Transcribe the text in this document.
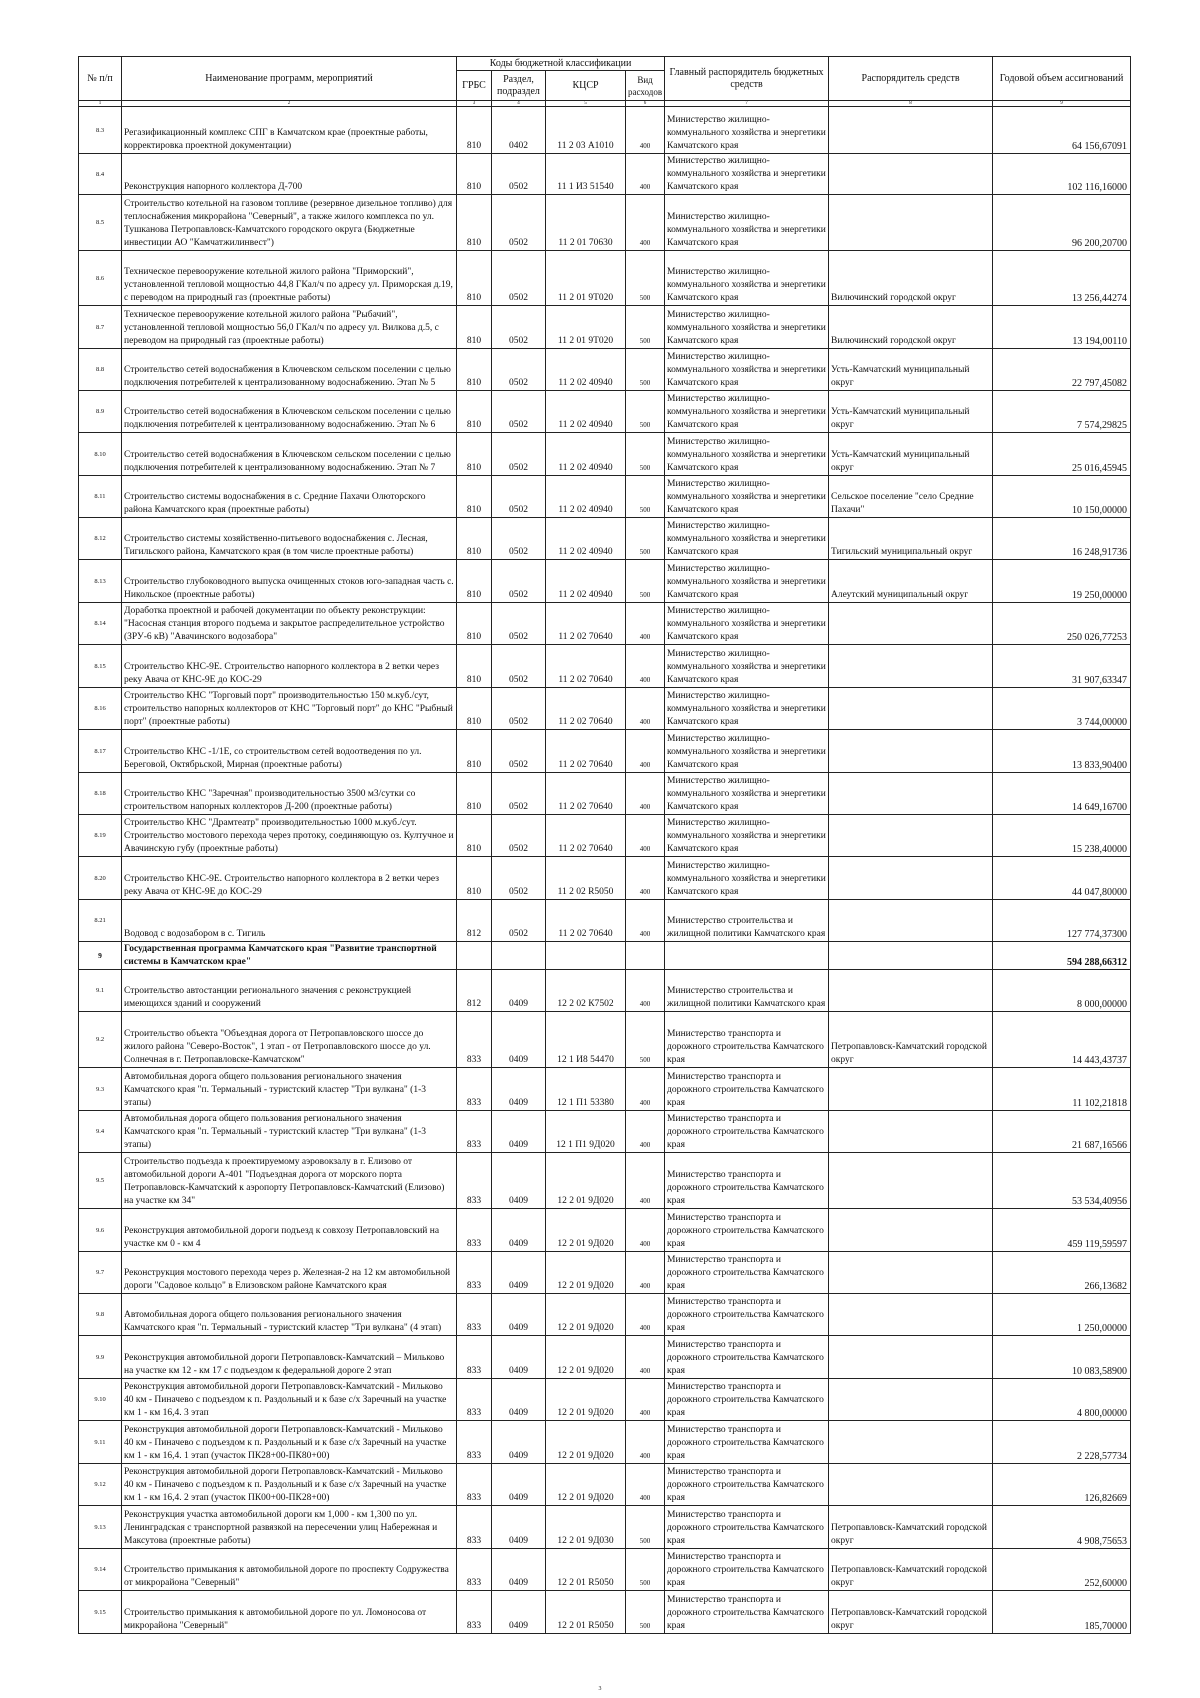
№ п/п	Наименование программ, мероприятий	Коды бюджетной классификации				Главный распорядитель бюджетных средств	Распорядитель средств	Годовой объем ассигнований
		ГРБС	Раздел, подраздел	КЦСР	Вид расходов			
1	2	3	4	5	6	7	8	9
8.3	Регазификационный комплекс СПГ в Камчатском крае (проектные работы, корректировка проектной документации)	810	0402	11 2 03 А1010	400	Министерство жилищно-коммунального хозяйства и энергетики Камчатского края		64 156,67091
8.4	Реконструкция напорного коллектора Д-700	810	0502	11 1 И3 51540	400	Министерство жилищно-коммунального хозяйства и энергетики Камчатского края		102 116,16000
8.5	Строительство котельной на газовом топливе (резервное дизельное топливо) для теплоснабжения микрорайона "Северный", а также жилого комплекса по ул. Тушканова Петропавловск-Камчатского городского округа (Бюджетные инвестиции АО "Камчатжилинвест")	810	0502	11 2 01 70630	400	Министерство жилищно-коммунального хозяйства и энергетики Камчатского края		96 200,20700
8.6	Техническое перевооружение котельной жилого района "Приморский", установленной тепловой мощностью 44,8 ГКал/ч по адресу ул. Приморская д.19, с переводом на природный газ (проектные работы)	810	0502	11 2 01 9Т020	500	Министерство жилищно-коммунального хозяйства и энергетики Камчатского края	Вилючинский городской округ	13 256,44274
8.7	Техническое перевооружение котельной жилого района "Рыбачий", установленной тепловой мощностью 56,0 ГКал/ч по адресу ул. Вилкова д.5, с переводом на природный газ (проектные работы)	810	0502	11 2 01 9Т020	500	Министерство жилищно-коммунального хозяйства и энергетики Камчатского края	Вилючинский городской округ	13 194,00110
8.8	Строительство сетей водоснабжения в Ключевском сельском поселении с целью подключения потребителей к централизованному водоснабжению. Этап № 5	810	0502	11 2 02 40940	500	Министерство жилищно-коммунального хозяйства и энергетики Камчатского края	Усть-Камчатский муниципальный округ	22 797,45082
8.9	Строительство сетей водоснабжения в Ключевском сельском поселении с целью подключения потребителей к централизованному водоснабжению. Этап № 6	810	0502	11 2 02 40940	500	Министерство жилищно-коммунального хозяйства и энергетики Камчатского края	Усть-Камчатский муниципальный округ	7 574,29825
8.10	Строительство сетей водоснабжения в Ключевском сельском поселении с целью подключения потребителей к централизованному водоснабжению. Этап № 7	810	0502	11 2 02 40940	500	Министерство жилищно-коммунального хозяйства и энергетики Камчатского края	Усть-Камчатский муниципальный округ	25 016,45945
8.11	Строительство системы водоснабжения в с. Средние Пахачи Олюторского района Камчатского края (проектные работы)	810	0502	11 2 02 40940	500	Министерство жилищно-коммунального хозяйства и энергетики Камчатского края	Сельское поселение "село Средние Пахачи"	10 150,00000
8.12	Строительство системы хозяйственно-питьевого водоснабжения с. Лесная, Тигильского района, Камчатского края (в том числе проектные работы)	810	0502	11 2 02 40940	500	Министерство жилищно-коммунального хозяйства и энергетики Камчатского края	Тигильский муниципальный округ	16 248,91736
8.13	Строительство глубоководного выпуска очищенных стоков юго-западная часть с. Никольское (проектные работы)	810	0502	11 2 02 40940	500	Министерство жилищно-коммунального хозяйства и энергетики Камчатского края	Алеутский муниципальный округ	19 250,00000
8.14	Доработка проектной и рабочей документации по объекту реконструкции: "Насосная станция второго подъема и закрытое распределительное устройство (ЗРУ-6 кВ) "Авачинского водозабора"	810	0502	11 2 02 70640	400	Министерство жилищно-коммунального хозяйства и энергетики Камчатского края		250 026,77253
8.15	Строительство КНС-9Е. Строительство напорного коллектора в 2 ветки через реку Авача от КНС-9Е до КОС-29	810	0502	11 2 02 70640	400	Министерство жилищно-коммунального хозяйства и энергетики Камчатского края		31 907,63347
8.16	Строительство КНС "Торговый порт" производительностью 150 м.куб./сут, строительство напорных коллекторов от КНС "Торговый порт" до КНС "Рыбный порт" (проектные работы)	810	0502	11 2 02 70640	400	Министерство жилищно-коммунального хозяйства и энергетики Камчатского края		3 744,00000
8.17	Строительство КНС -1/1Е, со строительством сетей водоотведения по ул. Береговой, Октябрьской, Мирная (проектные работы)	810	0502	11 2 02 70640	400	Министерство жилищно-коммунального хозяйства и энергетики Камчатского края		13 833,90400
8.18	Строительство КНС "Заречная" производительностью 3500 м3/сутки со строительством напорных коллекторов Д-200 (проектные работы)	810	0502	11 2 02 70640	400	Министерство жилищно-коммунального хозяйства и энергетики Камчатского края		14 649,16700
8.19	Строительство КНС "Драмтеатр" производительностью 1000 м.куб./сут. Строительство мостового перехода через протоку, соединяющую оз. Култучное и Авачинскую губу (проектные работы)	810	0502	11 2 02 70640	400	Министерство жилищно-коммунального хозяйства и энергетики Камчатского края		15 238,40000
8.20	Строительство КНС-9Е. Строительство напорного коллектора в 2 ветки через реку Авача от КНС-9Е до КОС-29	810	0502	11 2 02 R5050	400	Министерство жилищно-коммунального хозяйства и энергетики Камчатского края		44 047,80000
8.21	Водовод с водозабором в с. Тигиль	812	0502	11 2 02 70640	400	Министерство строительства и жилищной политики Камчатского края		127 774,37300
9	Государственная программа Камчатского края "Развитие транспортной системы в Камчатском крае"							594 288,66312
9.1	Строительство автостанции регионального значения с реконструкцией имеющихся зданий и сооружений	812	0409	12 2 02 К7502	400	Министерство строительства и жилищной политики Камчатского края		8 000,00000
9.2	Строительство объекта "Объездная дорога от Петропавловского шоссе до жилого района "Северо-Восток", 1 этап - от Петропавловского шоссе до ул. Солнечная в г. Петропавловске-Камчатском"	833	0409	12 1 И8 54470	500	Министерство транспорта и дорожного строительства Камчатского края	Петропавловск-Камчатский городской округ	14 443,43737
9.3	Автомобильная дорога общего пользования регионального значения Камчатского края "п. Термальный - туристский кластер "Три вулкана" (1-3 этапы)	833	0409	12 1 П1 53380	400	Министерство транспорта и дорожного строительства Камчатского края		11 102,21818
9.4	Автомобильная дорога общего пользования регионального значения Камчатского края "п. Термальный - туристский кластер "Три вулкана" (1-3 этапы)	833	0409	12 1 П1 9Д020	400	Министерство транспорта и дорожного строительства Камчатского края		21 687,16566
9.5	Строительство подъезда к проектируемому аэровокзалу в г. Елизово от автомобильной дороги А-401 "Подъездная дорога от морского порта Петропавловск-Камчатский к аэропорту Петропавловск-Камчатский (Елизово) на участке км 34"	833	0409	12 2 01 9Д020	400	Министерство транспорта и дорожного строительства Камчатского края		53 534,40956
9.6	Реконструкция автомобильной дороги подъезд к совхозу Петропавловский на участке км 0 - км 4	833	0409	12 2 01 9Д020	400	Министерство транспорта и дорожного строительства Камчатского края		459 119,59597
9.7	Реконструкция мостового перехода через р. Железная-2 на 12 км автомобильной дороги "Садовое кольцо" в Елизовском районе Камчатского края	833	0409	12 2 01 9Д020	400	Министерство транспорта и дорожного строительства Камчатского края		266,13682
9.8	Автомобильная дорога общего пользования регионального значения Камчатского края "п. Термальный - туристский кластер "Три вулкана" (4 этап)	833	0409	12 2 01 9Д020	400	Министерство транспорта и дорожного строительства Камчатского края		1 250,00000
9.9	Реконструкция автомобильной дороги Петропавловск-Камчатский – Мильково на участке км 12 - км 17 с подъездом к федеральной дороге 2 этап	833	0409	12 2 01 9Д020	400	Министерство транспорта и дорожного строительства Камчатского края		10 083,58900
9.10	Реконструкция автомобильной дороги Петропавловск-Камчатский - Мильково 40 км - Пиначево с подъездом к п. Раздольный и к базе с/х Заречный на участке км 1 - км 16,4. 3 этап	833	0409	12 2 01 9Д020	400	Министерство транспорта и дорожного строительства Камчатского края		4 800,00000
9.11	Реконструкция автомобильной дороги Петропавловск-Камчатский - Мильково 40 км - Пиначево с подъездом к п. Раздольный и к базе с/х Заречный на участке км 1 - км 16,4. 1 этап (участок ПК28+00-ПК80+00)	833	0409	12 2 01 9Д020	400	Министерство транспорта и дорожного строительства Камчатского края		2 228,57734
9.12	Реконструкция автомобильной дороги Петропавловск-Камчатский - Мильково 40 км - Пиначево с подъездом к п. Раздольный и к базе с/х Заречный на участке км 1 - км 16,4. 2 этап (участок ПК00+00-ПК28+00)	833	0409	12 2 01 9Д020	400	Министерство транспорта и дорожного строительства Камчатского края		126,82669
9.13	Реконструкция участка автомобильной дороги км 1,000 - км 1,300 по ул. Ленинградская с транспортной развязкой на пересечении улиц Набережная и Максутова (проектные работы)	833	0409	12 2 01 9Д030	500	Министерство транспорта и дорожного строительства Камчатского края	Петропавловск-Камчатский городской округ	4 908,75653
9.14	Строительство примыкания к автомобильной дороге по проспекту Содружества от микрорайона "Северный"	833	0409	12 2 01 R5050	500	Министерство транспорта и дорожного строительства Камчатского края	Петропавловск-Камчатский городской округ	252,60000
9.15	Строительство примыкания к автомобильной дороге по ул. Ломоносова от микрорайона "Северный"	833	0409	12 2 01 R5050	500	Министерство транспорта и дорожного строительства Камчатского края	Петропавловск-Камчатский городской округ	185,70000
3
